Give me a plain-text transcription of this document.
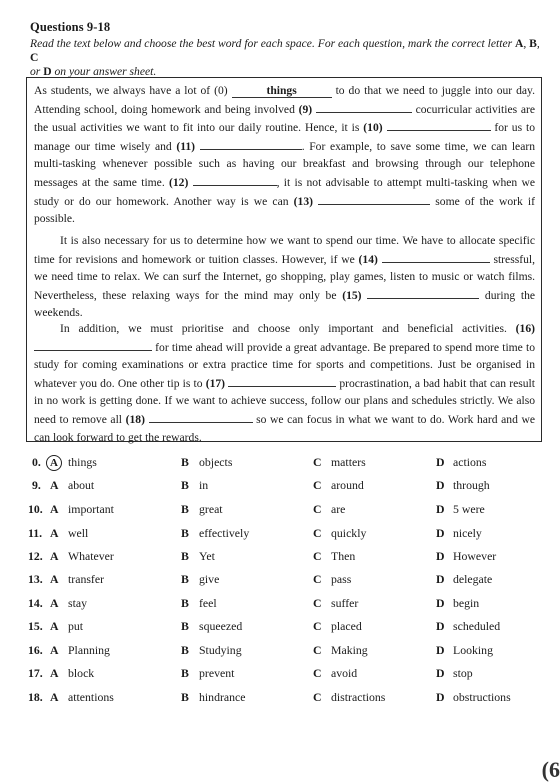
Questions 9-18
Read the text below and choose the best word for each space. For each question, mark the correct letter A, B, C
or D on your answer sheet.
As students, we always have a lot of (0)	things	to do that we need to juggle into our day. Attending school, doing homework and being involved (9)	cocurricular activities are the usual activities we want to fit into our daily routine. Hence, it is (10)	for us to manage our time wisely and (11)	. For example, to save some time, we can learn multi-tasking whenever possible such as having our breakfast and browsing through our telephone messages at the same time. (12)	, it is not advisable to attempt multi-tasking when we study or do our homework. Another way is we can (13)	some of the work if possible.
It is also necessary for us to determine how we want to spend our time. We have to allocate specific time for revisions and homework or tuition classes. However, if we (14)	stressful, we need time to relax. We can surf the Internet, go shopping, play games, listen to music or watch films. Nevertheless, these relaxing ways for the mind may only be (15)	during the weekends.
In addition, we must prioritise and choose only important and beneficial activities. (16)  for time ahead will provide a great advantage. Be prepared to spend more time to study for coming examinations or extra practice time for sports and competitions. Just be organised in whatever you do. One other tip is to (17)	procrastination, a bad habit that can result in no work is getting done. If we want to achieve success, follow our plans and schedules strictly. We also need to remove all (18)	so we can focus in what we want to do. Work hard and we can look forward to get the rewards.
0. A things	B objects	C matters	D actions
9. A about	B in	C around	D through
10. A important	B great	C are	D 5 were
11. A well	B effectively	C quickly	D nicely
12. A Whatever	B Yet	C Then	D However
13. A transfer	B give	C pass	D delegate
14. A stay	B feel	C suffer	D begin
15. A put	B squeezed	C placed	D scheduled
16. A Planning	B Studying	C Making	D Looking
17. A block	B prevent	C avoid	D stop
18. A attentions	B hindrance	C distractions	D obstructions
(6
